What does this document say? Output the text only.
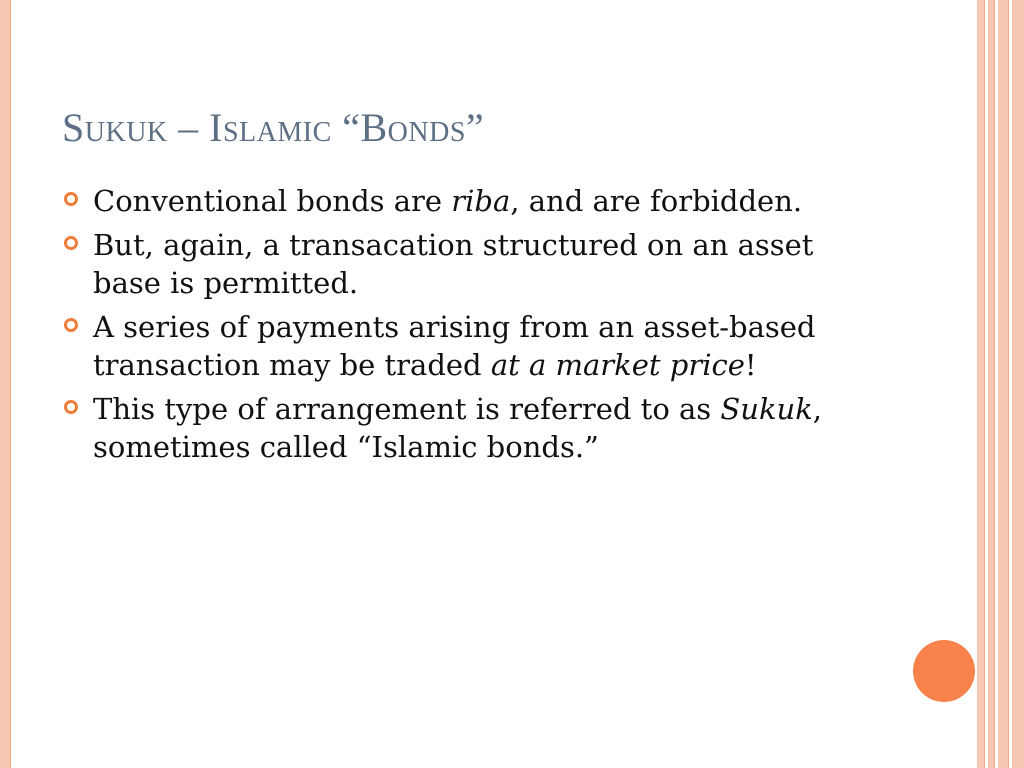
Sukuk – Islamic “Bonds”
Conventional bonds are riba, and are forbidden.
But, again, a transacation structured on an asset base is permitted.
A series of payments arising from an asset-based transaction may be traded at a market price!
This type of arrangement is referred to as Sukuk, sometimes called “Islamic bonds.”
